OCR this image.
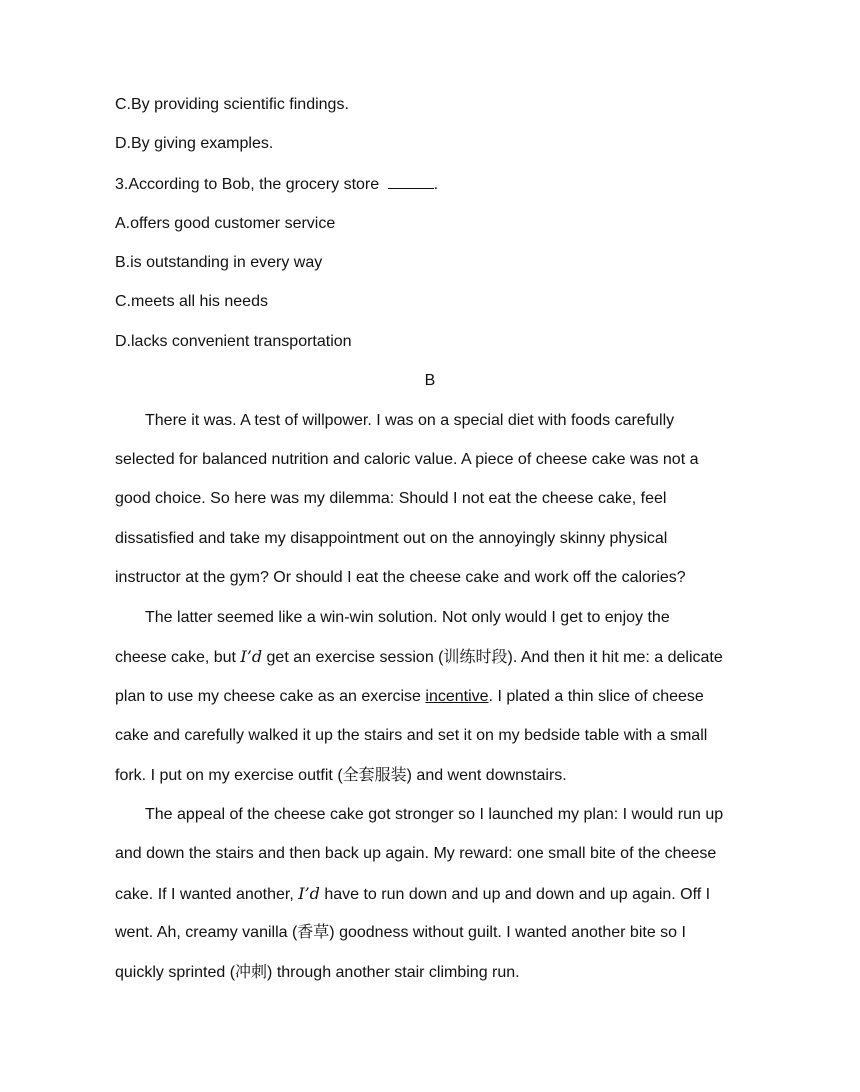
C.By providing scientific findings.
D.By giving examples.
3.According to Bob, the grocery store	.
A.offers good customer service
B.is outstanding in every way
C.meets all his needs
D.lacks convenient transportation
B
There it was. A test of willpower. I was on a special diet with foods carefully
selected for balanced nutrition and caloric value. A piece of cheese cake was not a
good choice. So here was my dilemma: Should I not eat the cheese cake, feel
dissatisfied and take my disappointment out on the annoyingly skinny physical
instructor at the gym? Or should I eat the cheese cake and work off the calories?
The latter seemed like a win-win solution. Not only would I get to enjoy the
cheese cake, but I’d get an exercise session (训练时段). And then it hit me: a delicate
plan to use my cheese cake as an exercise incentive. I plated a thin slice of cheese
cake and carefully walked it up the stairs and set it on my bedside table with a small
fork. I put on my exercise outfit (全套服装) and went downstairs.
The appeal of the cheese cake got stronger so I launched my plan: I would run up
and down the stairs and then back up again. My reward: one small bite of the cheese
cake. If I wanted another, I’d have to run down and up and down and up again. Off I
went. Ah, creamy vanilla (香草) goodness without guilt. I wanted another bite so I
quickly sprinted (冲刺) through another stair climbing run.
